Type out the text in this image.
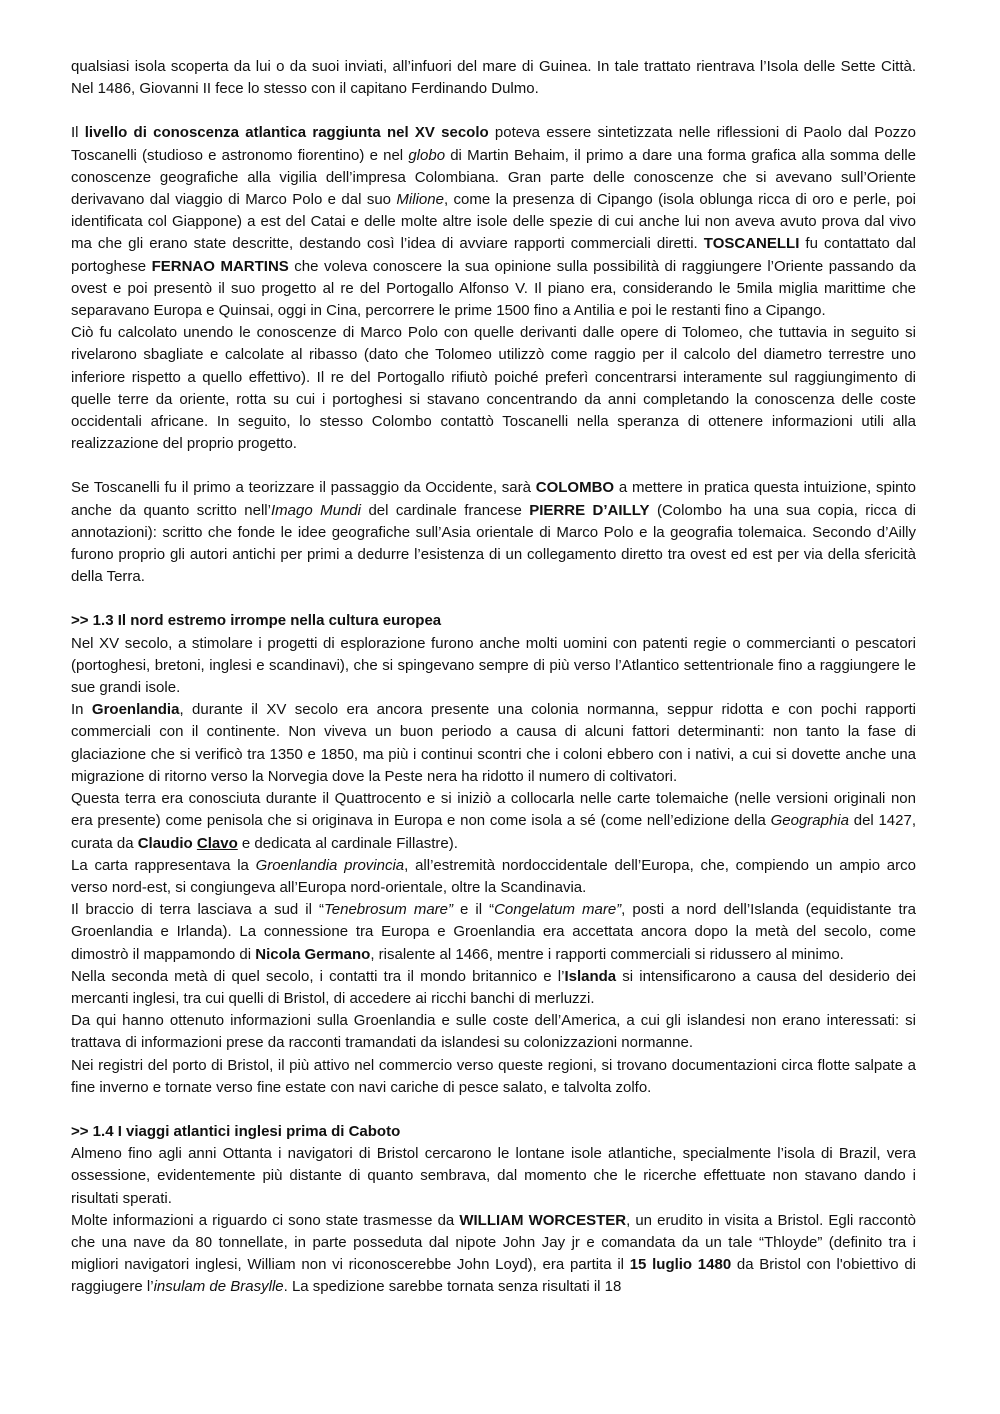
qualsiasi isola scoperta da lui o da suoi inviati, all’infuori del mare di Guinea. In tale trattato rientrava l’Isola delle Sette Città. Nel 1486, Giovanni II fece lo stesso con il capitano Ferdinando Dulmo.

Il livello di conoscenza atlantica raggiunta nel XV secolo poteva essere sintetizzata nelle riflessioni di Paolo dal Pozzo Toscanelli (studioso e astronomo fiorentino) e nel globo di Martin Behaim, il primo a dare una forma grafica alla somma delle conoscenze geografiche alla vigilia dell’impresa Colombiana. Gran parte delle conoscenze che si avevano sull’Oriente derivavano dal viaggio di Marco Polo e dal suo Milione, come la presenza di Cipango (isola oblunga ricca di oro e perle, poi identificata col Giappone) a est del Catai e delle molte altre isole delle spezie di cui anche lui non aveva avuto prova dal vivo ma che gli erano state descritte, destando così l’idea di avviare rapporti commerciali diretti. TOSCANELLI fu contattato dal portoghese FERNAO MARTINS che voleva conoscere la sua opinione sulla possibilità di raggiungere l’Oriente passando da ovest e poi presentò il suo progetto al re del Portogallo Alfonso V. Il piano era, considerando le 5mila miglia marittime che separavano Europa e Quinsai, oggi in Cina, percorrere le prime 1500 fino a Antilia e poi le restanti fino a Cipango.

Ciò fu calcolato unendo le conoscenze di Marco Polo con quelle derivanti dalle opere di Tolomeo, che tuttavia in seguito si rivelarono sbagliate e calcolate al ribasso (dato che Tolomeo utilizzò come raggio per il calcolo del diametro terrestre uno inferiore rispetto a quello effettivo). Il re del Portogallo rifiutò poiché preferì concentrarsi interamente sul raggiungimento di quelle terre da oriente, rotta su cui i portoghesi si stavano concentrando da anni completando la conoscenza delle coste occidentali africane. In seguito, lo stesso Colombo contattò Toscanelli nella speranza di ottenere informazioni utili alla realizzazione del proprio progetto.

Se Toscanelli fu il primo a teorizzare il passaggio da Occidente, sarà COLOMBO a mettere in pratica questa intuizione, spinto anche da quanto scritto nell’Imago Mundi del cardinale francese PIERRE D’AILLY (Colombo ha una sua copia, ricca di annotazioni): scritto che fonde le idee geografiche sull’Asia orientale di Marco Polo e la geografia tolemaica. Secondo d’Ailly furono proprio gli autori antichi per primi a dedurre l’esistenza di un collegamento diretto tra ovest ed est per via della sfericità della Terra.

>> 1.3 Il nord estremo irrompe nella cultura europea

Nel XV secolo, a stimolare i progetti di esplorazione furono anche molti uomini con patenti regie o commercianti o pescatori (portoghesi, bretoni, inglesi e scandinavi), che si spingevano sempre di più verso l’Atlantico settentrionale fino a raggiungere le sue grandi isole.

In Groenlandia, durante il XV secolo era ancora presente una colonia normanna, seppur ridotta e con pochi rapporti commerciali con il continente. Non viveva un buon periodo a causa di alcuni fattori determinanti: non tanto la fase di glaciazione che si verificò tra 1350 e 1850, ma più i continui scontri che i coloni ebbero con i nativi, a cui si dovette anche una migrazione di ritorno verso la Norvegia dove la Peste nera ha ridotto il numero di coltivatori.

Questa terra era conosciuta durante il Quattrocento e si iniziò a collocarla nelle carte tolemaiche (nelle versioni originali non era presente) come penisola che si originava in Europa e non come isola a sé (come nell’edizione della Geographia del 1427, curata da Claudio Clavo e dedicata al cardinale Fillastre).

La carta rappresentava la Groenlandia provincia, all’estremità nordoccidentale dell’Europa, che, compiendo un ampio arco verso nord-est, si congiungeva all’Europa nord-orientale, oltre la Scandinavia.

Il braccio di terra lasciava a sud il “Tenebrosum mare” e il “Congelatum mare”, posti a nord dell’Islanda (equidistante tra Groenlandia e Irlanda). La connessione tra Europa e Groenlandia era accettata ancora dopo la metà del secolo, come dimostrò il mappamondo di Nicola Germano, risalente al 1466, mentre i rapporti commerciali si ridussero al minimo.

Nella seconda metà di quel secolo, i contatti tra il mondo britannico e l’Islanda si intensificarono a causa del desiderio dei mercanti inglesi, tra cui quelli di Bristol, di accedere ai ricchi banchi di merluzzi.

Da qui hanno ottenuto informazioni sulla Groenlandia e sulle coste dell’America, a cui gli islandesi non erano interessati: si trattava di informazioni prese da racconti tramandati da islandesi su colonizzazioni normanne.

Nei registri del porto di Bristol, il più attivo nel commercio verso queste regioni, si trovano documentazioni circa flotte salpate a fine inverno e tornate verso fine estate con navi cariche di pesce salato, e talvolta zolfo.

>> 1.4 I viaggi atlantici inglesi prima di Caboto

Almeno fino agli anni Ottanta i navigatori di Bristol cercarono le lontane isole atlantiche, specialmente l’isola di Brazil, vera ossessione, evidentemente più distante di quanto sembrava, dal momento che le ricerche effettuate non stavano dando i risultati sperati.

Molte informazioni a riguardo ci sono state trasmesse da WILLIAM WORCESTER, un erudito in visita a Bristol. Egli raccontò che una nave da 80 tonnellate, in parte posseduta dal nipote John Jay jr e comandata da un tale “Thloyde” (definito tra i migliori navigatori inglesi, William non vi riconoscerebbe John Loyd), era partita il 15 luglio 1480 da Bristol con l'obiettivo di raggiugere l’insulam de Brasylle. La spedizione sarebbe tornata senza risultati il 18
